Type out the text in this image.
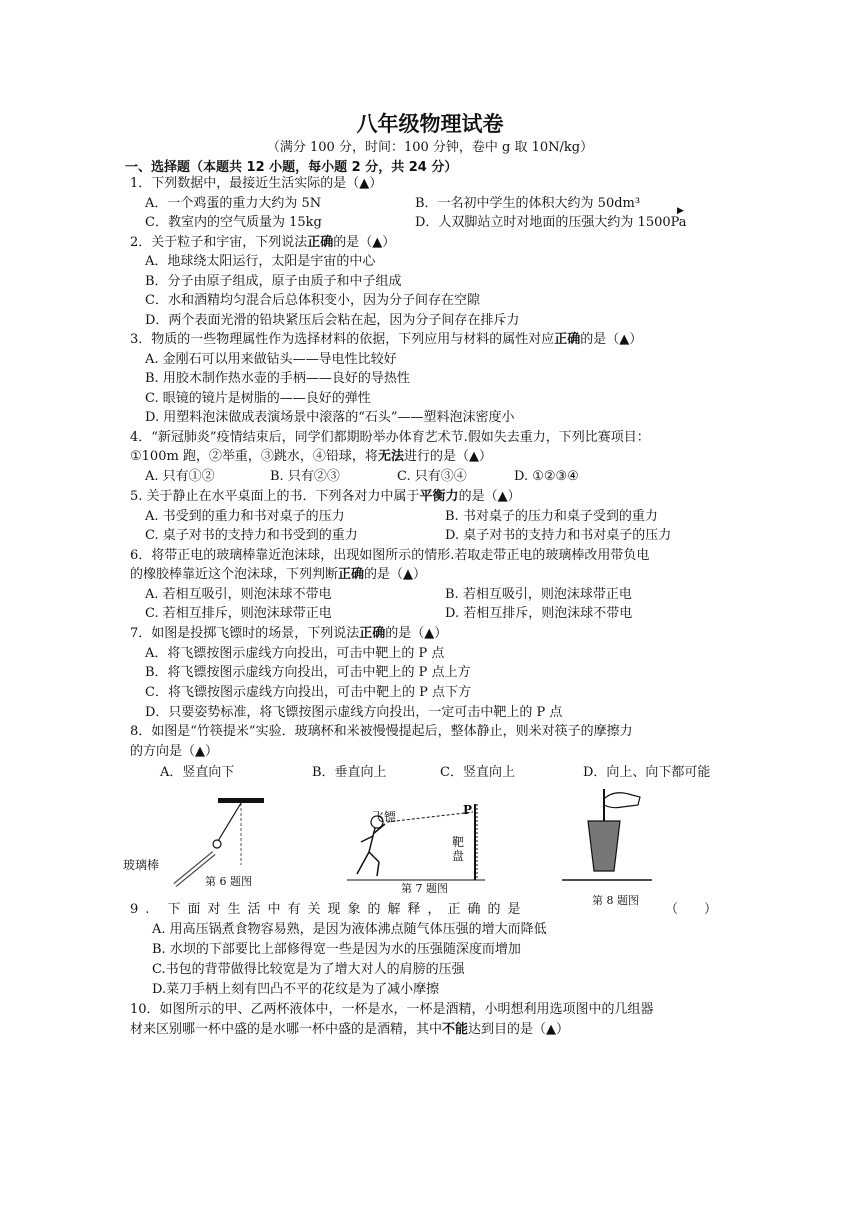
八年级物理试卷
（满分 100 分，时间：100 分钟，卷中 g 取 10N/kg）
一、选择题（本题共 12 小题，每小题 2 分，共 24 分）
1．下列数据中，最接近生活实际的是（▲）
A．一个鸡蛋的重力大约为 5N	B．一名初中学生的体积大约为 50dm³	▶
C．教室内的空气质量为 15kg	D．人双脚站立时对地面的压强大约为 1500Pa
2．关于粒子和宇宙，下列说法正确的是（▲）
A．地球绕太阳运行，太阳是宇宙的中心
B．分子由原子组成，原子由质子和中子组成
C．水和酒精均匀混合后总体积变小，因为分子间存在空隙
D．两个表面光滑的铅块紧压后会粘在起，因为分子间存在排斥力
3．物质的一些物理属性作为选择材料的依据，下列应用与材料的属性对应正确的是（▲）
A. 金刚石可以用来做钻头——导电性比较好
B. 用胶木制作热水壶的手柄——良好的导热性
C. 眼镜的镜片是树脂的——良好的弹性
D. 用塑料泡沫做成表演场景中滚落的“石头”——塑料泡沫密度小
4．“新冠肺炎”疫情结束后，同学们都期盼举办体育艺术节.假如失去重力，下列比赛项目：
①100m 跑，②举重，③跳水，④铅球，将无法进行的是（▲）
A. 只有①②	B. 只有②③	C. 只有③④	D. ①②③④
5. 关于静止在水平桌面上的书．下列各对力中属于平衡力的是（▲）
A. 书受到的重力和书对桌子的压力	B. 书对桌子的压力和桌子受到的重力
C. 桌子对书的支持力和书受到的重力	D. 桌子对书的支持力和书对桌子的压力
6．将带正电的玻璃棒靠近泡沫球，出现如图所示的情形.若取走带正电的玻璃棒改用带负电
的橡胶棒靠近这个泡沫球，下列判断正确的是（▲）
A. 若相互吸引，则泡沫球不带电	B. 若相互吸引，则泡沫球带正电
C. 若相互排斥，则泡沫球带正电	D. 若相互排斥，则泡沫球不带电
7．如图是投掷飞镖时的场景，下列说法正确的是（▲）
A．将飞镖按图示虚线方向投出，可击中靶上的 P 点
B．将飞镖按图示虚线方向投出，可击中靶上的 P 点上方
C．将飞镖按图示虚线方向投出，可击中靶上的 P 点下方
D．只要姿势标准，将飞镖按图示虚线方向投出，一定可击中靶上的 P 点
8．如图是“竹筷提米”实验．玻璃杯和米被慢慢提起后，整体静止，则米对筷子的摩擦力
的方向是（▲）
A．竖直向下	B．垂直向上	C．竖直向上	D．向上、向下都可能
玻璃棒
第 6 题图
飞镖	P
靶盘
第 7 题图
第 8 题图
9. 下面对生活中有关现象的解释，正确的是	（　　）
A. 用高压锅煮食物容易熟，是因为液体沸点随气体压强的增大而降低
B. 水坝的下部要比上部修得宽一些是因为水的压强随深度而增加
C.书包的背带做得比较宽是为了增大对人的肩膀的压强
D.菜刀手柄上刻有凹凸不平的花纹是为了减小摩擦
10．如图所示的甲、乙两杯液体中，一杯是水，一杯是酒精，小明想利用选项图中的几组器
材来区别哪一杯中盛的是水哪一杯中盛的是酒精，其中不能达到目的是（▲）
